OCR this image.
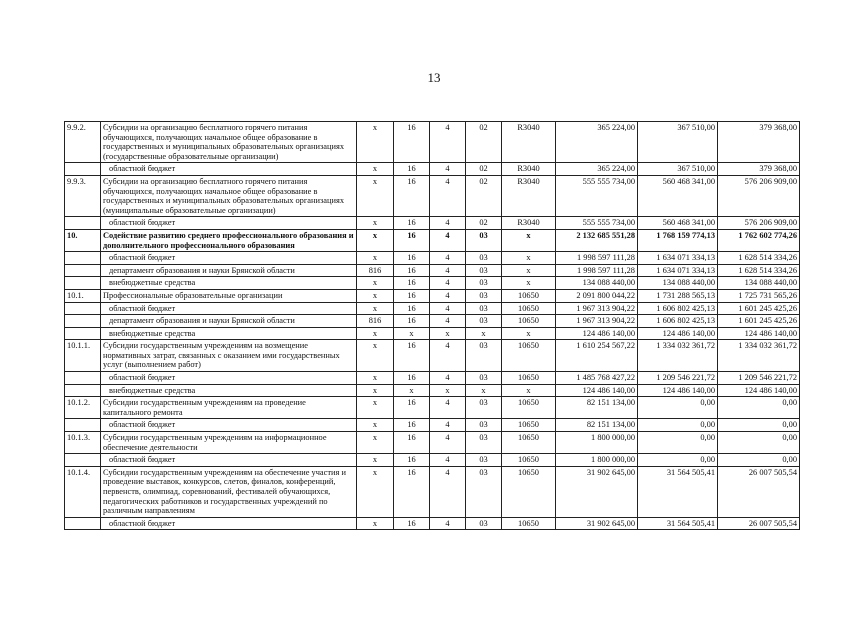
13
9.9.2.	Субсидии на организацию бесплатного горячего питания обучающихся, получающих начальное общее образование в государственных и муниципальных образовательных организациях (государственные образовательные организации)	x	16	4	02	R3040	365 224,00	367 510,00	379 368,00
	областной бюджет	x	16	4	02	R3040	365 224,00	367 510,00	379 368,00
9.9.3.	Субсидии на организацию бесплатного горячего питания обучающихся, получающих начальное общее образование в государственных и муниципальных образовательных организациях (муниципальные образовательные организации)	x	16	4	02	R3040	555 555 734,00	560 468 341,00	576 206 909,00
	областной бюджет	x	16	4	02	R3040	555 555 734,00	560 468 341,00	576 206 909,00
10.	Содействие развитию среднего профессионального образования и дополнительного профессионального образования	x	16	4	03	x	2 132 685 551,28	1 768 159 774,13	1 762 602 774,26
	областной бюджет	x	16	4	03	x	1 998 597 111,28	1 634 071 334,13	1 628 514 334,26
	департамент образования и науки Брянской области	816	16	4	03	x	1 998 597 111,28	1 634 071 334,13	1 628 514 334,26
	внебюджетные средства	x	16	4	03	x	134 088 440,00	134 088 440,00	134 088 440,00
10.1.	Профессиональные образовательные организации	x	16	4	03	10650	2 091 800 044,22	1 731 288 565,13	1 725 731 565,26
	областной бюджет	x	16	4	03	10650	1 967 313 904,22	1 606 802 425,13	1 601 245 425,26
	департамент образования и науки Брянской области	816	16	4	03	10650	1 967 313 904,22	1 606 802 425,13	1 601 245 425,26
	внебюджетные средства	x	x	x	x	x	124 486 140,00	124 486 140,00	124 486 140,00
10.1.1.	Субсидии государственным учреждениям на возмещение нормативных затрат, связанных с оказанием ими государственных услуг (выполнением работ)	x	16	4	03	10650	1 610 254 567,22	1 334 032 361,72	1 334 032 361,72
	областной бюджет	x	16	4	03	10650	1 485 768 427,22	1 209 546 221,72	1 209 546 221,72
	внебюджетные средства	x	x	x	x	x	124 486 140,00	124 486 140,00	124 486 140,00
10.1.2.	Субсидии государственным учреждениям на проведение капитального ремонта	x	16	4	03	10650	82 151 134,00	0,00	0,00
	областной бюджет	x	16	4	03	10650	82 151 134,00	0,00	0,00
10.1.3.	Субсидии государственным учреждениям на информационное обеспечение деятельности	x	16	4	03	10650	1 800 000,00	0,00	0,00
	областной бюджет	x	16	4	03	10650	1 800 000,00	0,00	0,00
10.1.4.	Субсидии государственным учреждениям на обеспечение участия и проведение выставок, конкурсов, слетов, финалов, конференций, первенств, олимпиад, соревнований, фестивалей обучающихся, педагогических работников и государственных учреждений по различным направлениям	x	16	4	03	10650	31 902 645,00	31 564 505,41	26 007 505,54
	областной бюджет	x	16	4	03	10650	31 902 645,00	31 564 505,41	26 007 505,54
